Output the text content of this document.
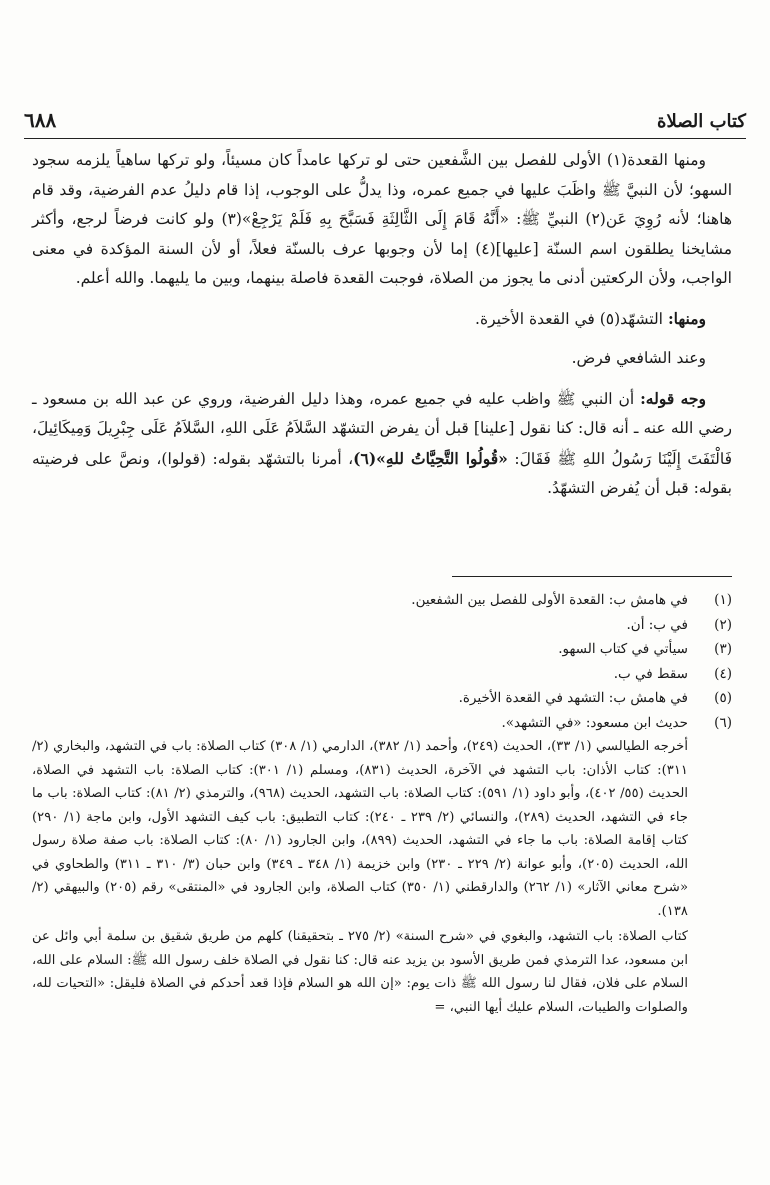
كتاب الصلاة
٦٨٨

ومنها القعدة(١) الأولى للفصل بين الشَّفعين حتى لو تركها عامداً كان مسيئاً، ولو تركها ساهياً يلزمه سجود السهو؛ لأن النبيَّ ﷺ واظَبَ عليها في جميع عمره، وذا يدلُّ على الوجوب، إذا قام دليلُ عدم الفرضية، وقد قام هاهنا؛ لأنه رُوِيَ عَن(٢) النبيِّ ﷺ: «أَنَّهُ قَامَ إِلَى الثَّالِثَةِ فَسَبَّحَ بِهِ فَلَمْ يَرْجِعْ»(٣) ولو كانت فرضاً لرجع، وأكثر مشايخنا يطلقون اسم السنّة [عليها](٤) إما لأن وجوبها عرف بالسنّة فعلاً، أو لأن السنة المؤكدة في معنى الواجب، ولأن الركعتين أدنى ما يجوز من الصلاة، فوجبت القعدة فاصلة بينهما، وبين ما يليهما. والله أعلم.

ومنها: التشهّد(٥) في القعدة الأخيرة.

وعند الشافعي فرض.

وجه قوله: أن النبي ﷺ واظب عليه في جميع عمره، وهذا دليل الفرضية، وروي عن عبد الله بن مسعود ـ رضي الله عنه ـ أنه قال: كنا نقول [علينا] قبل أن يفرض التشهّد السَّلاَمُ عَلَى اللهِ، السَّلاَمُ عَلَى جِبْرِيلَ وَمِيكَائِيلَ، فَالْتَفَتَ إِلَيْنَا رَسُولُ اللهِ ﷺ فَقَالَ: «قُولُوا التَّحِيَّاتُ للهِ»(٦)، أمرنا بالتشهّد بقوله: (قولوا)، ونصَّ على فرضيته بقوله: قبل أن يُفرض التشهّدُ.

(١)
في هامش ب: القعدة الأولى للفصل بين الشفعين.
(٢)
في ب: أن.
(٣)
سيأتي في كتاب السهو.
(٤)
سقط في ب.
(٥)
في هامش ب: التشهد في القعدة الأخيرة.
(٦)
حديث ابن مسعود: «في التشهد».

أخرجه الطيالسي (١/ ٣٣)، الحديث (٢٤٩)، وأحمد (١/ ٣٨٢)، الدارمي (١/ ٣٠٨) كتاب الصلاة: باب في التشهد، والبخاري (٢/ ٣١١): كتاب الأذان: باب التشهد في الآخرة، الحديث (٨٣١)، ومسلم (١/ ٣٠١): كتاب الصلاة: باب التشهد في الصلاة، الحديث (٥٥/ ٤٠٢)، وأبو داود (١/ ٥٩١): كتاب الصلاة: باب التشهد، الحديث (٩٦٨)، والترمذي (٢/ ٨١): كتاب الصلاة: باب ما جاء في التشهد، الحديث (٢٨٩)، والنسائي (٢/ ٢٣٩ ـ ٢٤٠): كتاب التطبيق: باب كيف التشهد الأول، وابن ماجة (١/ ٢٩٠) كتاب إقامة الصلاة: باب ما جاء في التشهد، الحديث (٨٩٩)، وابن الجارود (١/ ٨٠): كتاب الصلاة: باب صفة صلاة رسول الله، الحديث (٢٠٥)، وأبو عوانة (٢/ ٢٢٩ ـ ٢٣٠) وابن خزيمة (١/ ٣٤٨ ـ ٣٤٩) وابن حبان (٣/ ٣١٠ ـ ٣١١) والطحاوي في «شرح معاني الآثار» (١/ ٢٦٢) والدارقطني (١/ ٣٥٠) كتاب الصلاة، وابن الجارود في «المنتقى» رقم (٢٠٥) والبيهقي (٢/ ١٣٨).

كتاب الصلاة: باب التشهد، والبغوي في «شرح السنة» (٢/ ٢٧٥ ـ بتحقيقنا) كلهم من طريق شقيق بن سلمة أبي وائل عن ابن مسعود، عدا الترمذي فمن طريق الأسود بن يزيد عنه قال: كنا نقول في الصلاة خلف رسول الله ﷺ: السلام على الله، السلام على فلان، فقال لنا رسول الله ﷺ ذات يوم: «إن الله هو السلام فإذا قعد أحدكم في الصلاة فليقل: «التحيات لله، والصلوات والطيبات، السلام عليك أيها النبي، =
